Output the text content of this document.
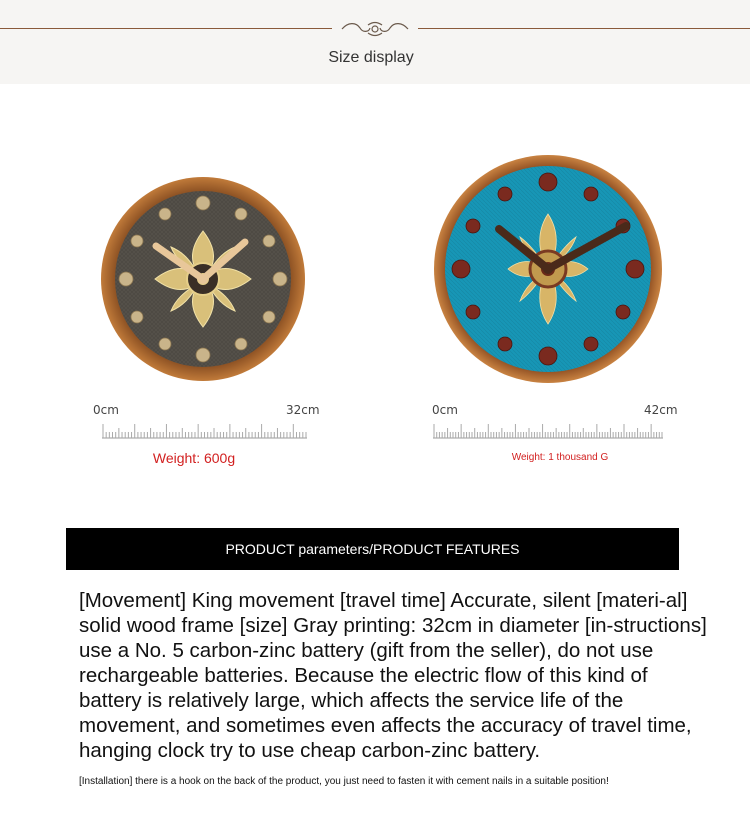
Size display
0cm	32cm
Weight: 600g
0cm	42cm
Weight: 1 thousand G
PRODUCT parameters/PRODUCT FEATURES
[Movement] King movement [travel time] Accurate, silent [materi-al] solid wood frame [size] Gray printing: 32cm in diameter [in-structions] use a No. 5 carbon-zinc battery (gift from the seller), do not use rechargeable batteries. Because the electric flow of this kind of battery is relatively large, which affects the service life of the movement, and sometimes even affects the accuracy of travel time, hanging clock try to use cheap carbon-zinc battery.
[Installation] there is a hook on the back of the product, you just need to fasten it with cement nails in a suitable position!
